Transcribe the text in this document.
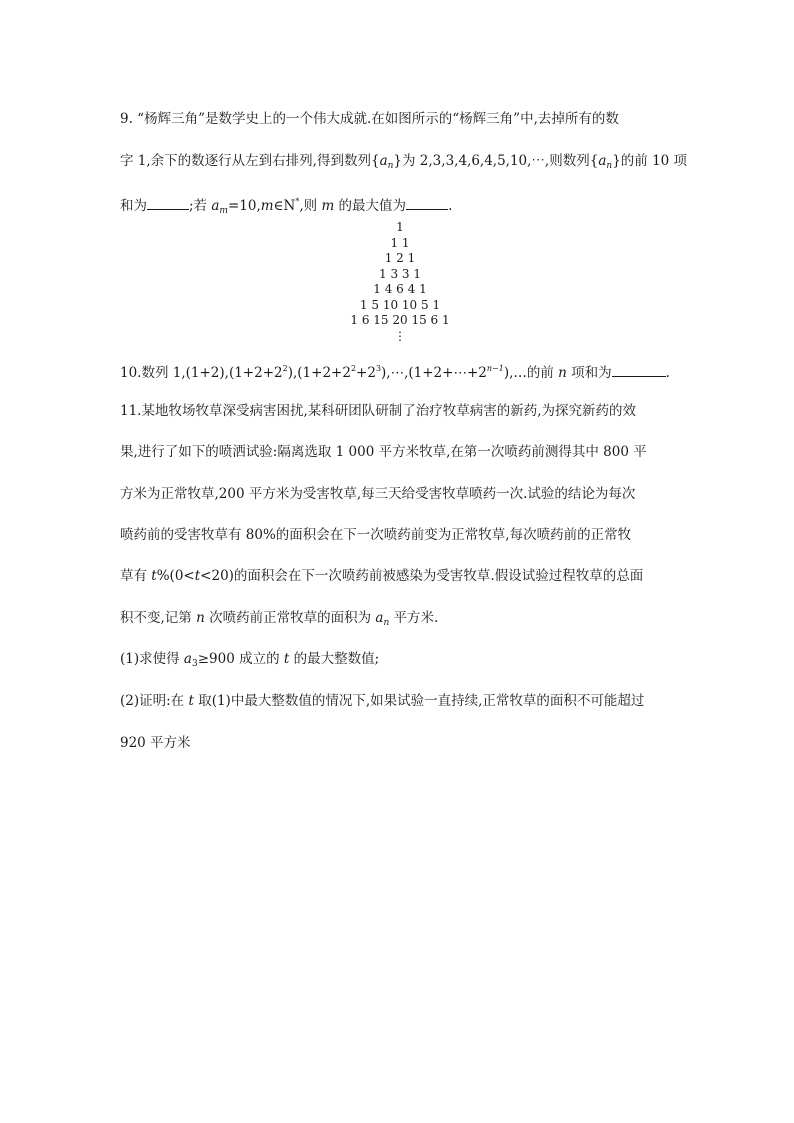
9. “杨辉三角”是数学史上的一个伟大成就.在如图所示的“杨辉三角”中,去掉所有的数
字 1,余下的数逐行从左到右排列,得到数列$\{a_n\}$为 2,3,3,4,6,4,5,10,⋯,则数列$\{a_n\}$的前 10 项
和为	;若 $a_m=10,m\in N^*$,则 m 的最大值为	.
1
1 1
1 2 1
1 3 3 1
1 4 6 4 1
1 5 10 10 5 1
1 6 15 20 15 6 1
⋮
10.数列 $1,(1+2),(1+2+2^2),(1+2+2^2+2^3),\cdots,(1+2+\cdots+2^{n-1}),\dots$的前 n 项和为	.
11.某地牧场牧草深受病害困扰,某科研团队研制了治疗牧草病害的新药,为探究新药的效
果,进行了如下的喷洒试验:隔离选取 1 000 平方米牧草,在第一次喷药前测得其中 800 平
方米为正常牧草,200 平方米为受害牧草,每三天给受害牧草喷药一次.试验的结论为每次
喷药前的受害牧草有 80%的面积会在下一次喷药前变为正常牧草,每次喷药前的正常牧
草有 t%(0<t<20)的面积会在下一次喷药前被感染为受害牧草.假设试验过程牧草的总面
积不变,记第 n 次喷药前正常牧草的面积为 $a_n$ 平方米.
(1)求使得 $a_3\ge 900$ 成立的 t 的最大整数值;
(2)证明:在 t 取(1)中最大整数值的情况下,如果试验一直持续,正常牧草的面积不可能超过
920 平方米
